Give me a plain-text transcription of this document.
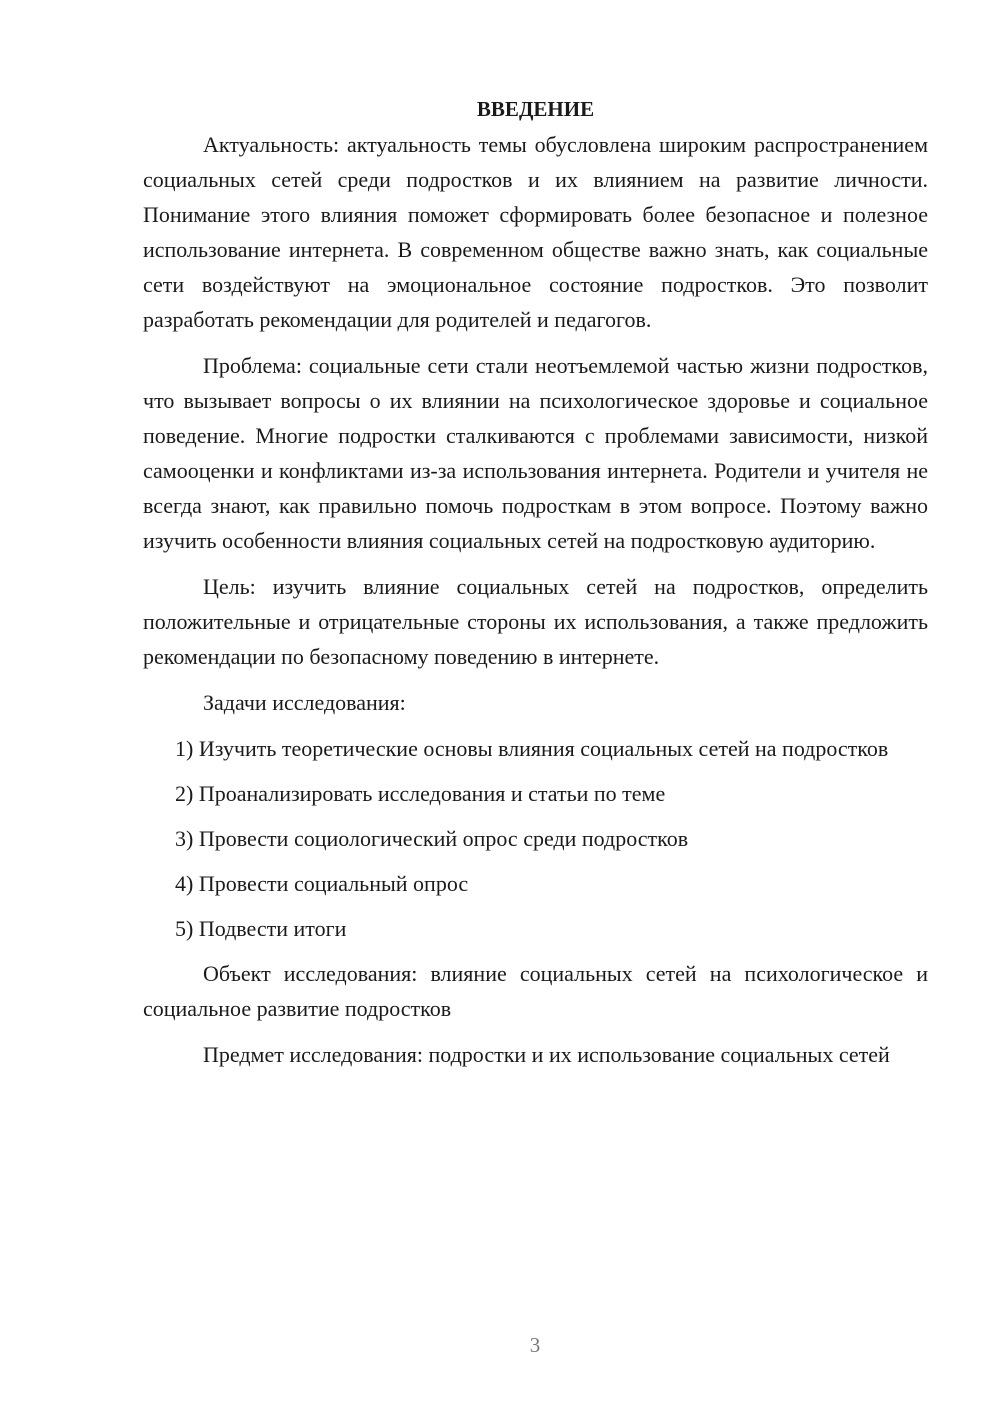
ВВЕДЕНИЕ

Актуальность: актуальность темы обусловлена широким распространением социальных сетей среди подростков и их влиянием на развитие личности. Понимание этого влияния поможет сформировать более безопасное и полезное использование интернета. В современном обществе важно знать, как социальные сети воздействуют на эмоциональное состояние подростков. Это позволит разработать рекомендации для родителей и педагогов.

Проблема: социальные сети стали неотъемлемой частью жизни подростков, что вызывает вопросы о их влиянии на психологическое здоровье и социальное поведение. Многие подростки сталкиваются с проблемами зависимости, низкой самооценки и конфликтами из-за использования интернета. Родители и учителя не всегда знают, как правильно помочь подросткам в этом вопросе. Поэтому важно изучить особенности влияния социальных сетей на подростковую аудиторию.

Цель: изучить влияние социальных сетей на подростков, определить положительные и отрицательные стороны их использования, а также предложить рекомендации по безопасному поведению в интернете.

Задачи исследования:

1) Изучить теоретические основы влияния социальных сетей на подростков

2) Проанализировать исследования и статьи по теме

3) Провести социологический опрос среди подростков

4) Провести социальный опрос

5) Подвести итоги

Объект исследования: влияние социальных сетей на психологическое и социальное развитие подростков

Предмет исследования: подростки и их использование социальных сетей

3
